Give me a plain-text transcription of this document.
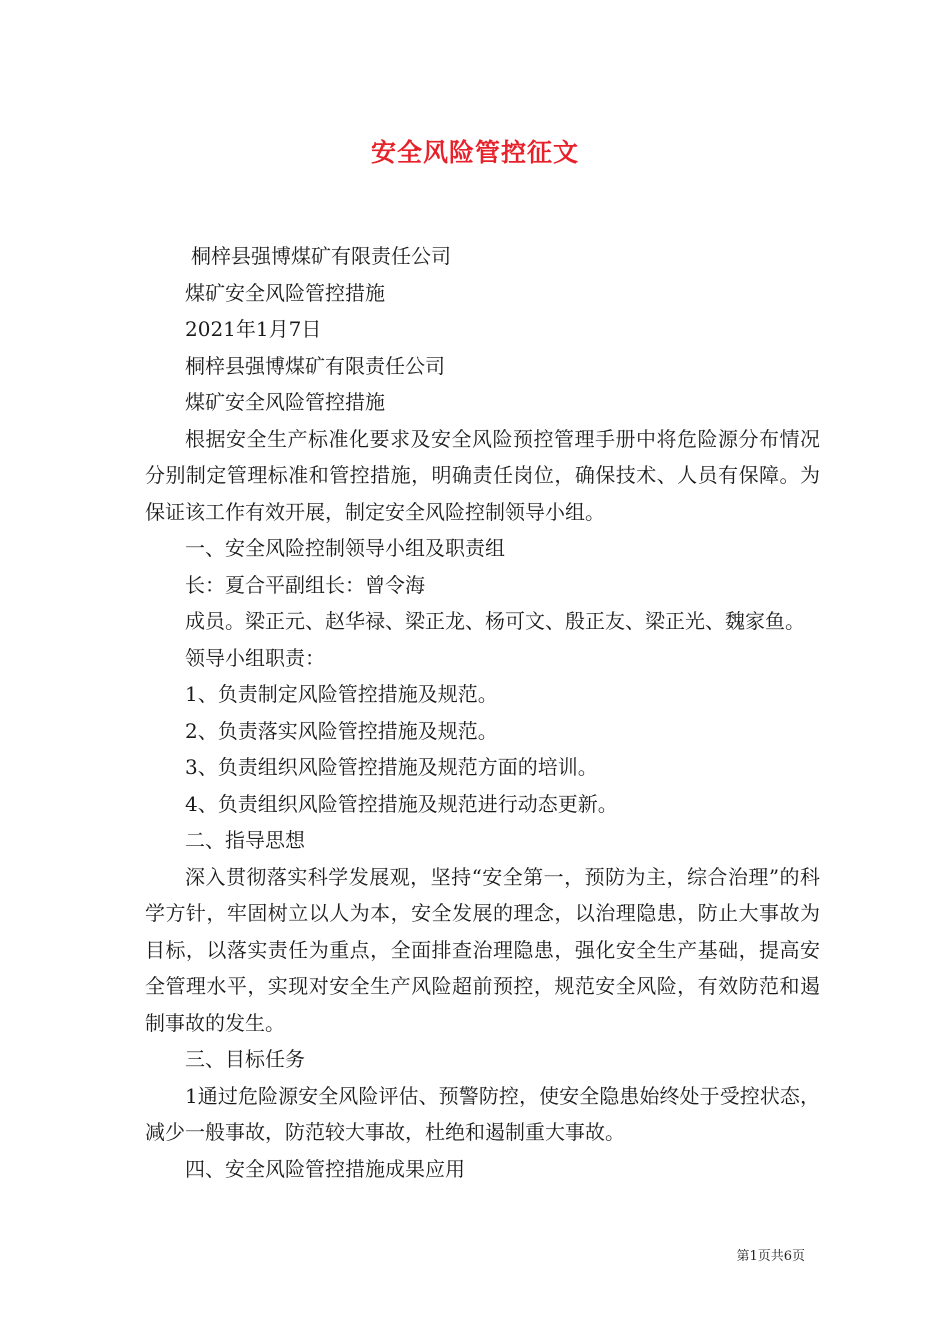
安全风险管控征文

桐梓县强博煤矿有限责任公司

煤矿安全风险管控措施

2021年1月7日

桐梓县强博煤矿有限责任公司

煤矿安全风险管控措施

根据安全生产标准化要求及安全风险预控管理手册中将危险源分布情况分别制定管理标准和管控措施，明确责任岗位，确保技术、人员有保障。为保证该工作有效开展，制定安全风险控制领导小组。

一、安全风险控制领导小组及职责组

长：夏合平副组长：曾令海

成员。梁正元、赵华禄、梁正龙、杨可文、殷正友、梁正光、魏家鱼。

领导小组职责：

1、负责制定风险管控措施及规范。

2、负责落实风险管控措施及规范。

3、负责组织风险管控措施及规范方面的培训。

4、负责组织风险管控措施及规范进行动态更新。

二、指导思想

深入贯彻落实科学发展观，坚持“安全第一，预防为主，综合治理”的科学方针，牢固树立以人为本，安全发展的理念，以治理隐患，防止大事故为目标，以落实责任为重点，全面排查治理隐患，强化安全生产基础，提高安全管理水平，实现对安全生产风险超前预控，规范安全风险，有效防范和遏制事故的发生。

三、目标任务

1通过危险源安全风险评估、预警防控，使安全隐患始终处于受控状态，减少一般事故，防范较大事故，杜绝和遏制重大事故。

四、安全风险管控措施成果应用

第1页共6页
